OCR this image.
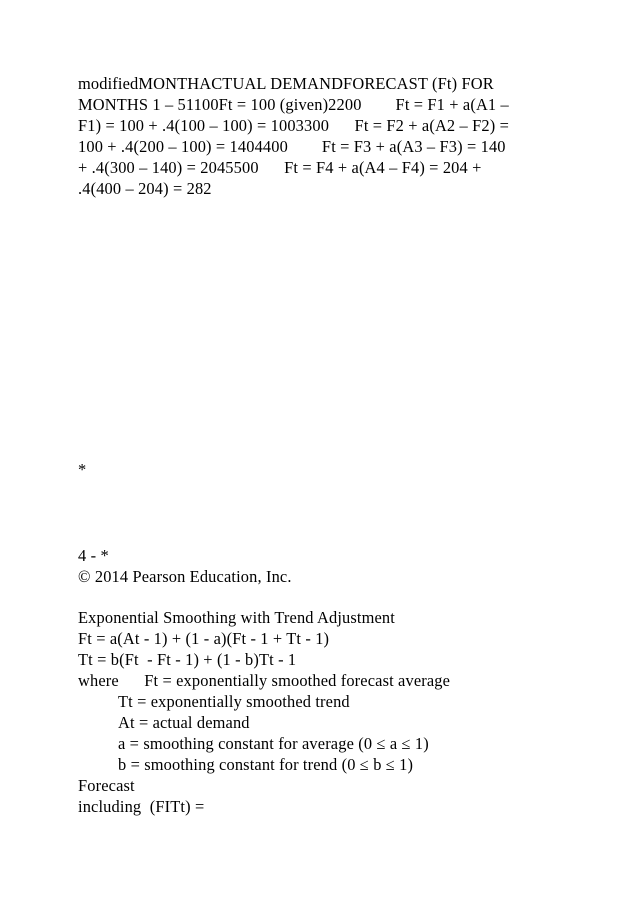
modifiedMONTHACTUAL DEMANDFORECAST (Ft) FOR

MONTHS 1 – 51100Ft = 100 (given)2200        Ft = F1 + a(A1 –

F1) = 100 + .4(100 – 100) = 1003300      Ft = F2 + a(A2 – F2) =

100 + .4(200 – 100) = 1404400        Ft = F3 + a(A3 – F3) = 140

+ .4(300 – 140) = 2045500      Ft = F4 + a(A4 – F4) = 204 +

.4(400 – 204) = 282

*

4 - *

© 2014 Pearson Education, Inc.

Exponential Smoothing with Trend Adjustment

Ft = a(At - 1) + (1 - a)(Ft - 1 + Tt - 1)

Tt = b(Ft  - Ft - 1) + (1 - b)Tt - 1

where      Ft = exponentially smoothed forecast average

Tt = exponentially smoothed trend

At = actual demand

a = smoothing constant for average (0 ≤ a ≤ 1)

b = smoothing constant for trend (0 ≤ b ≤ 1)

Forecast

including  (FITt) =
